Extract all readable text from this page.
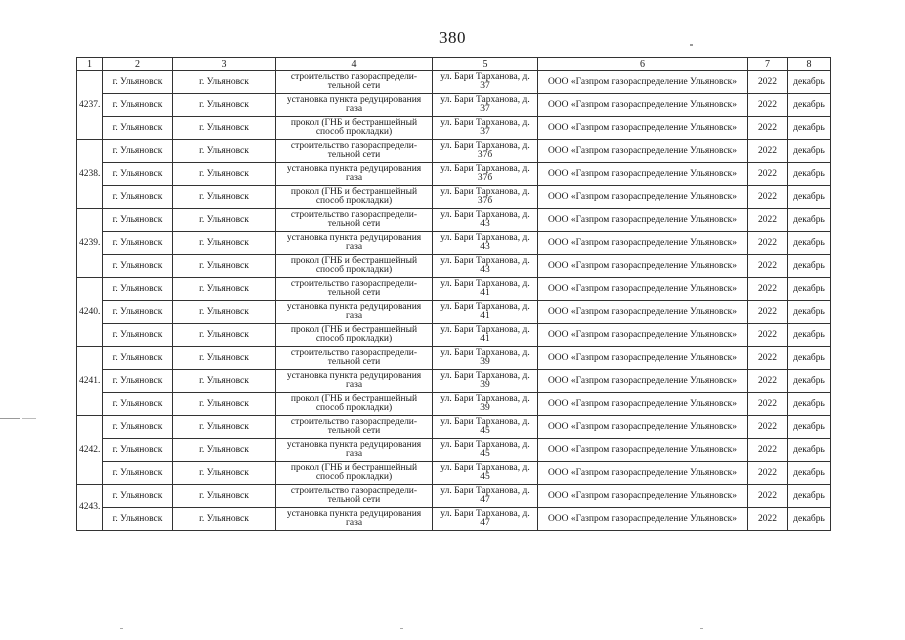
380
1	2	3	4	5	6	7	8
4237.	г. Ульяновск	г. Ульяновск	строительство газораспредели-тельной сети	ул. Бари Тарханова, д. 37	ООО «Газпром газораспределение Ульяновск»	2022	декабрь
	г. Ульяновск	г. Ульяновск	установка пункта редуцирования газа	ул. Бари Тарханова, д. 37	ООО «Газпром газораспределение Ульяновск»	2022	декабрь
	г. Ульяновск	г. Ульяновск	прокол (ГНБ и бестраншейный способ прокладки)	ул. Бари Тарханова, д. 37	ООО «Газпром газораспределение Ульяновск»	2022	декабрь
4238.	г. Ульяновск	г. Ульяновск	строительство газораспредели-тельной сети	ул. Бари Тарханова, д. 37б	ООО «Газпром газораспределение Ульяновск»	2022	декабрь
	г. Ульяновск	г. Ульяновск	установка пункта редуцирования газа	ул. Бари Тарханова, д. 37б	ООО «Газпром газораспределение Ульяновск»	2022	декабрь
	г. Ульяновск	г. Ульяновск	прокол (ГНБ и бестраншейный способ прокладки)	ул. Бари Тарханова, д. 37б	ООО «Газпром газораспределение Ульяновск»	2022	декабрь
4239.	г. Ульяновск	г. Ульяновск	строительство газораспредели-тельной сети	ул. Бари Тарханова, д. 43	ООО «Газпром газораспределение Ульяновск»	2022	декабрь
	г. Ульяновск	г. Ульяновск	установка пункта редуцирования газа	ул. Бари Тарханова, д. 43	ООО «Газпром газораспределение Ульяновск»	2022	декабрь
	г. Ульяновск	г. Ульяновск	прокол (ГНБ и бестраншейный способ прокладки)	ул. Бари Тарханова, д. 43	ООО «Газпром газораспределение Ульяновск»	2022	декабрь
4240.	г. Ульяновск	г. Ульяновск	строительство газораспредели-тельной сети	ул. Бари Тарханова, д. 41	ООО «Газпром газораспределение Ульяновск»	2022	декабрь
	г. Ульяновск	г. Ульяновск	установка пункта редуцирования газа	ул. Бари Тарханова, д. 41	ООО «Газпром газораспределение Ульяновск»	2022	декабрь
	г. Ульяновск	г. Ульяновск	прокол (ГНБ и бестраншейный способ прокладки)	ул. Бари Тарханова, д. 41	ООО «Газпром газораспределение Ульяновск»	2022	декабрь
4241.	г. Ульяновск	г. Ульяновск	строительство газораспредели-тельной сети	ул. Бари Тарханова, д. 39	ООО «Газпром газораспределение Ульяновск»	2022	декабрь
	г. Ульяновск	г. Ульяновск	установка пункта редуцирования газа	ул. Бари Тарханова, д. 39	ООО «Газпром газораспределение Ульяновск»	2022	декабрь
	г. Ульяновск	г. Ульяновск	прокол (ГНБ и бестраншейный способ прокладки)	ул. Бари Тарханова, д. 39	ООО «Газпром газораспределение Ульяновск»	2022	декабрь
4242.	г. Ульяновск	г. Ульяновск	строительство газораспредели-тельной сети	ул. Бари Тарханова, д. 45	ООО «Газпром газораспределение Ульяновск»	2022	декабрь
	г. Ульяновск	г. Ульяновск	установка пункта редуцирования газа	ул. Бари Тарханова, д. 45	ООО «Газпром газораспределение Ульяновск»	2022	декабрь
	г. Ульяновск	г. Ульяновск	прокол (ГНБ и бестраншейный способ прокладки)	ул. Бари Тарханова, д. 45	ООО «Газпром газораспределение Ульяновск»	2022	декабрь
4243.	г. Ульяновск	г. Ульяновск	строительство газораспредели-тельной сети	ул. Бари Тарханова, д. 47	ООО «Газпром газораспределение Ульяновск»	2022	декабрь
	г. Ульяновск	г. Ульяновск	установка пункта редуцирования газа	ул. Бари Тарханова, д. 47	ООО «Газпром газораспределение Ульяновск»	2022	декабрь
